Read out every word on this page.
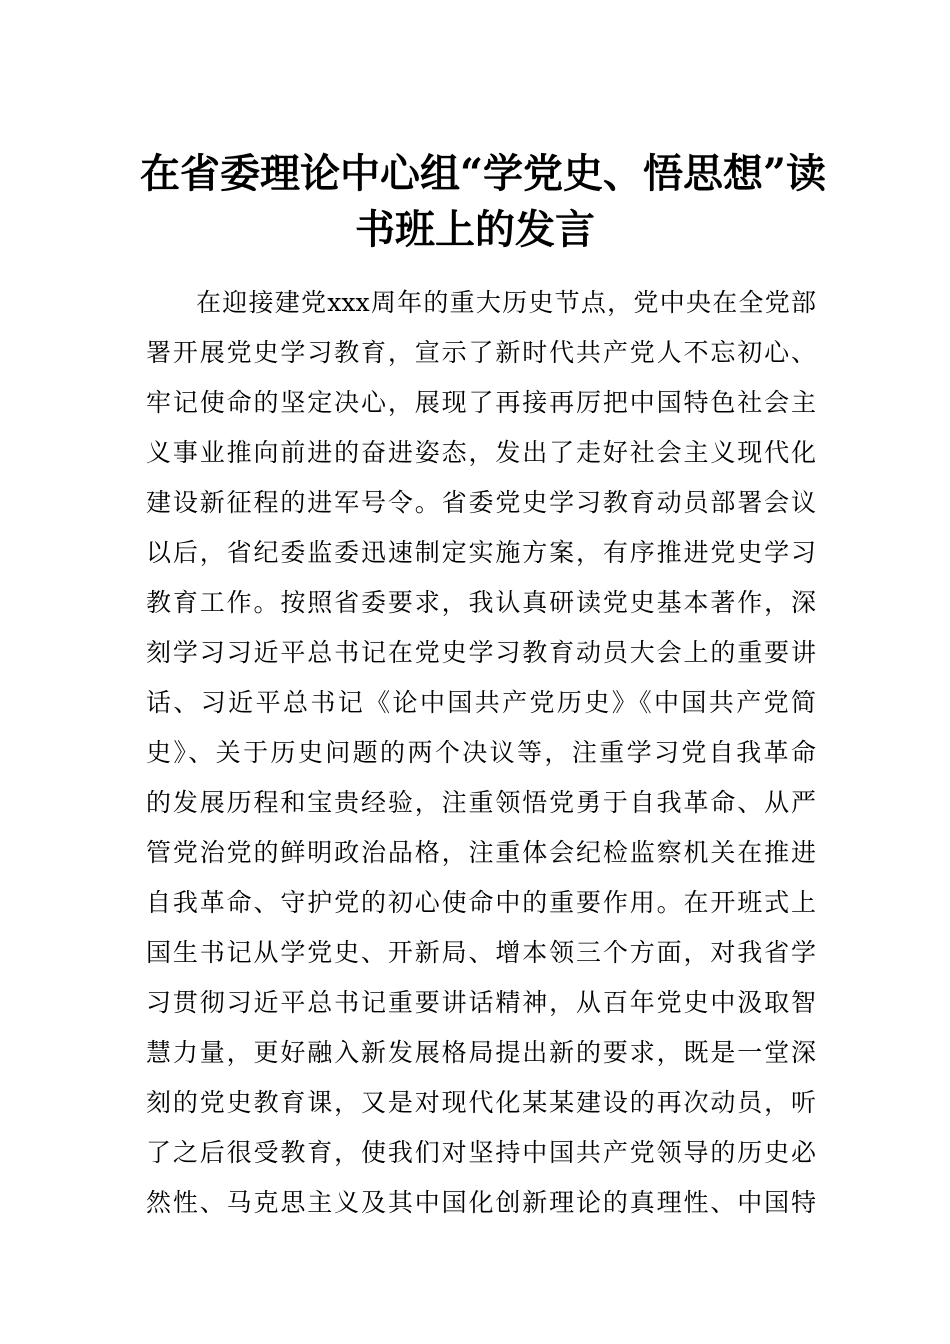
在省委理论中心组“学党史、悟思想”读
书班上的发言
在迎接建党xxx周年的重大历史节点，党中央在全党部
署开展党史学习教育，宣示了新时代共产党人不忘初心、
牢记使命的坚定决心，展现了再接再厉把中国特色社会主
义事业推向前进的奋进姿态，发出了走好社会主义现代化
建设新征程的进军号令。省委党史学习教育动员部署会议
以后，省纪委监委迅速制定实施方案，有序推进党史学习
教育工作。按照省委要求，我认真研读党史基本著作，深
刻学习习近平总书记在党史学习教育动员大会上的重要讲
话、习近平总书记《论中国共产党历史》《中国共产党简
史》、关于历史问题的两个决议等，注重学习党自我革命
的发展历程和宝贵经验，注重领悟党勇于自我革命、从严
管党治党的鲜明政治品格，注重体会纪检监察机关在推进
自我革命、守护党的初心使命中的重要作用。在开班式上
国生书记从学党史、开新局、增本领三个方面，对我省学
习贯彻习近平总书记重要讲话精神，从百年党史中汲取智
慧力量，更好融入新发展格局提出新的要求，既是一堂深
刻的党史教育课，又是对现代化某某建设的再次动员，听
了之后很受教育，使我们对坚持中国共产党领导的历史必
然性、马克思主义及其中国化创新理论的真理性、中国特
